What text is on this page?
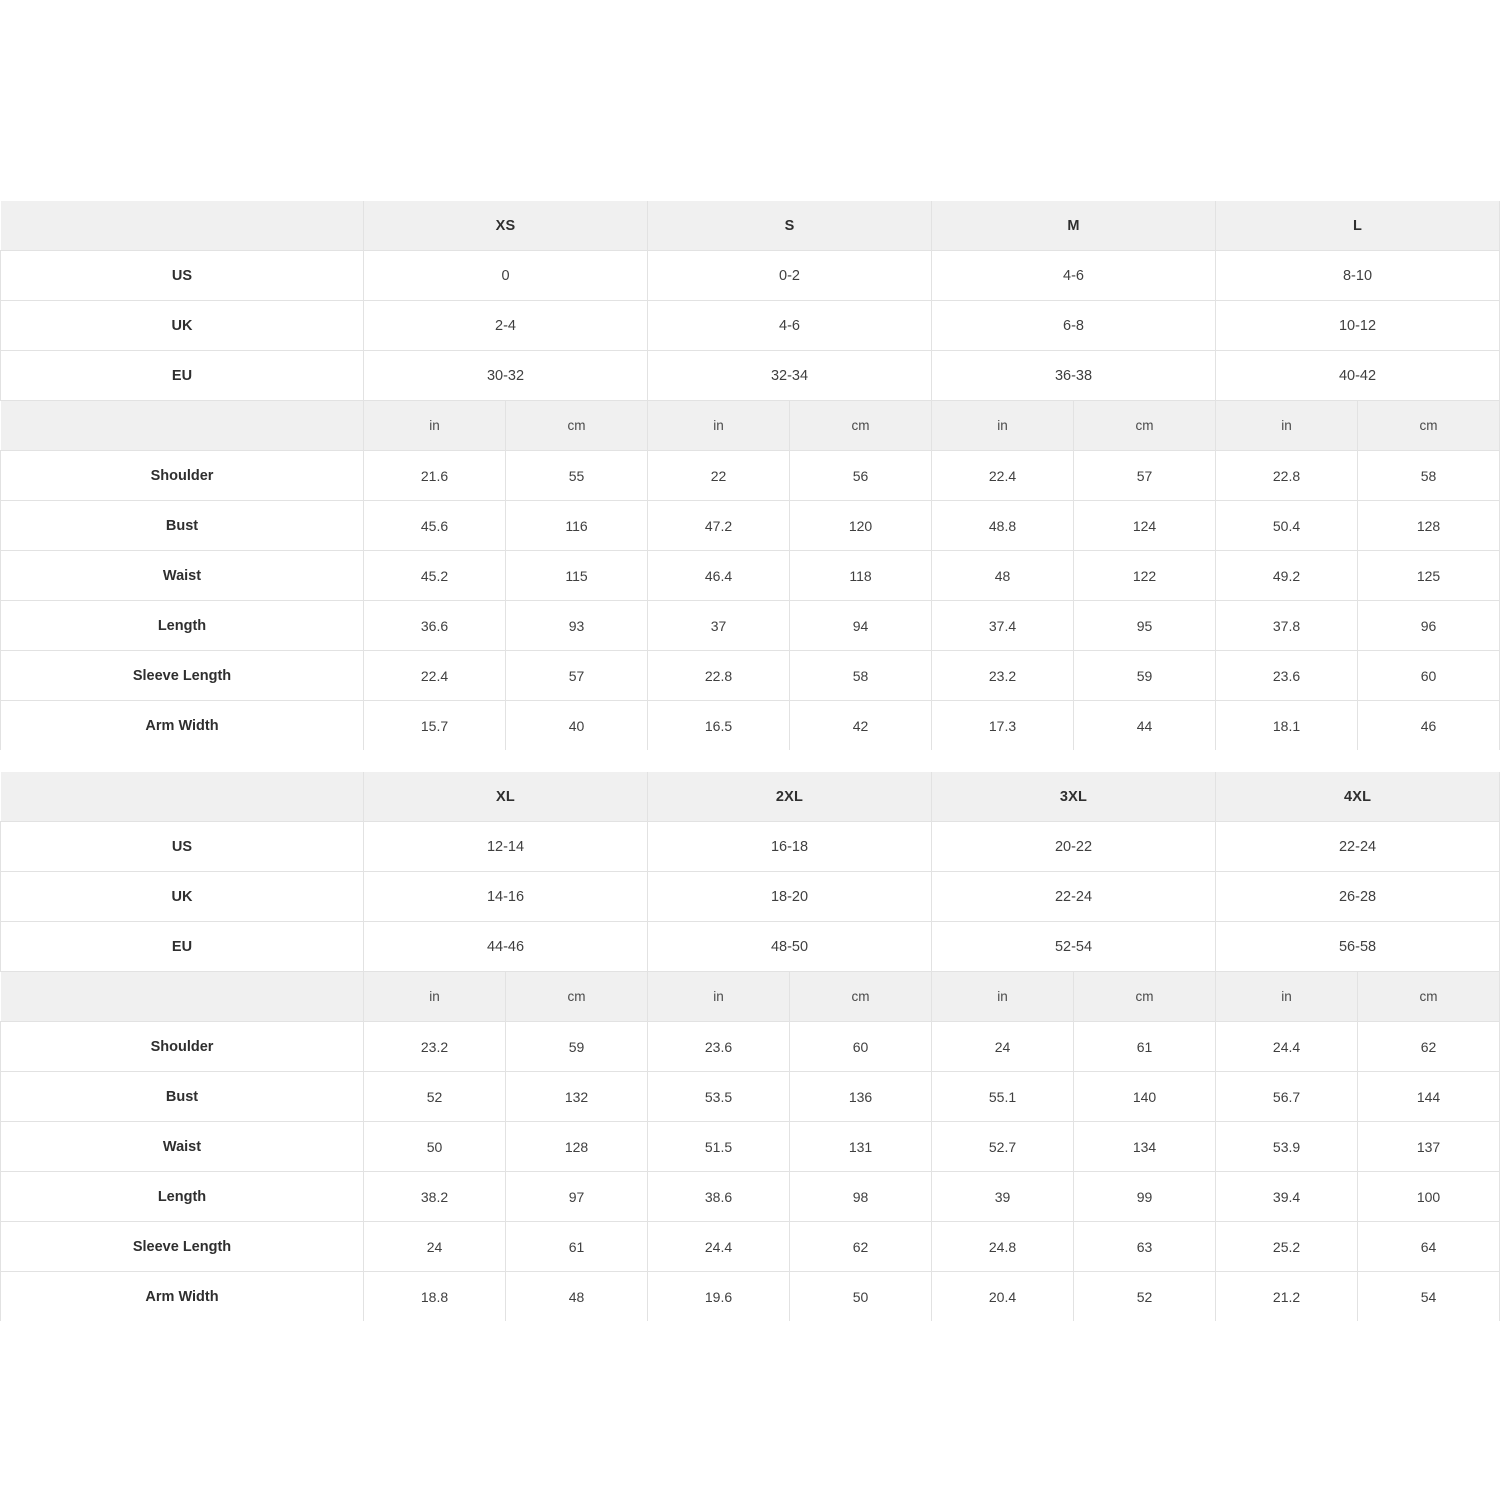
	XS		S		M		L	
US	0		0-2		4-6		8-10	
UK	2-4		4-6		6-8		10-12	
EU	30-32		32-34		36-38		40-42	
	in	cm	in	cm	in	cm	in	cm
Shoulder	21.6	55	22	56	22.4	57	22.8	58
Bust	45.6	116	47.2	120	48.8	124	50.4	128
Waist	45.2	115	46.4	118	48	122	49.2	125
Length	36.6	93	37	94	37.4	95	37.8	96
Sleeve Length	22.4	57	22.8	58	23.2	59	23.6	60
Arm Width	15.7	40	16.5	42	17.3	44	18.1	46
	XL		2XL		3XL		4XL	
US	12-14		16-18		20-22		22-24	
UK	14-16		18-20		22-24		26-28	
EU	44-46		48-50		52-54		56-58	
	in	cm	in	cm	in	cm	in	cm
Shoulder	23.2	59	23.6	60	24	61	24.4	62
Bust	52	132	53.5	136	55.1	140	56.7	144
Waist	50	128	51.5	131	52.7	134	53.9	137
Length	38.2	97	38.6	98	39	99	39.4	100
Sleeve Length	24	61	24.4	62	24.8	63	25.2	64
Arm Width	18.8	48	19.6	50	20.4	52	21.2	54
